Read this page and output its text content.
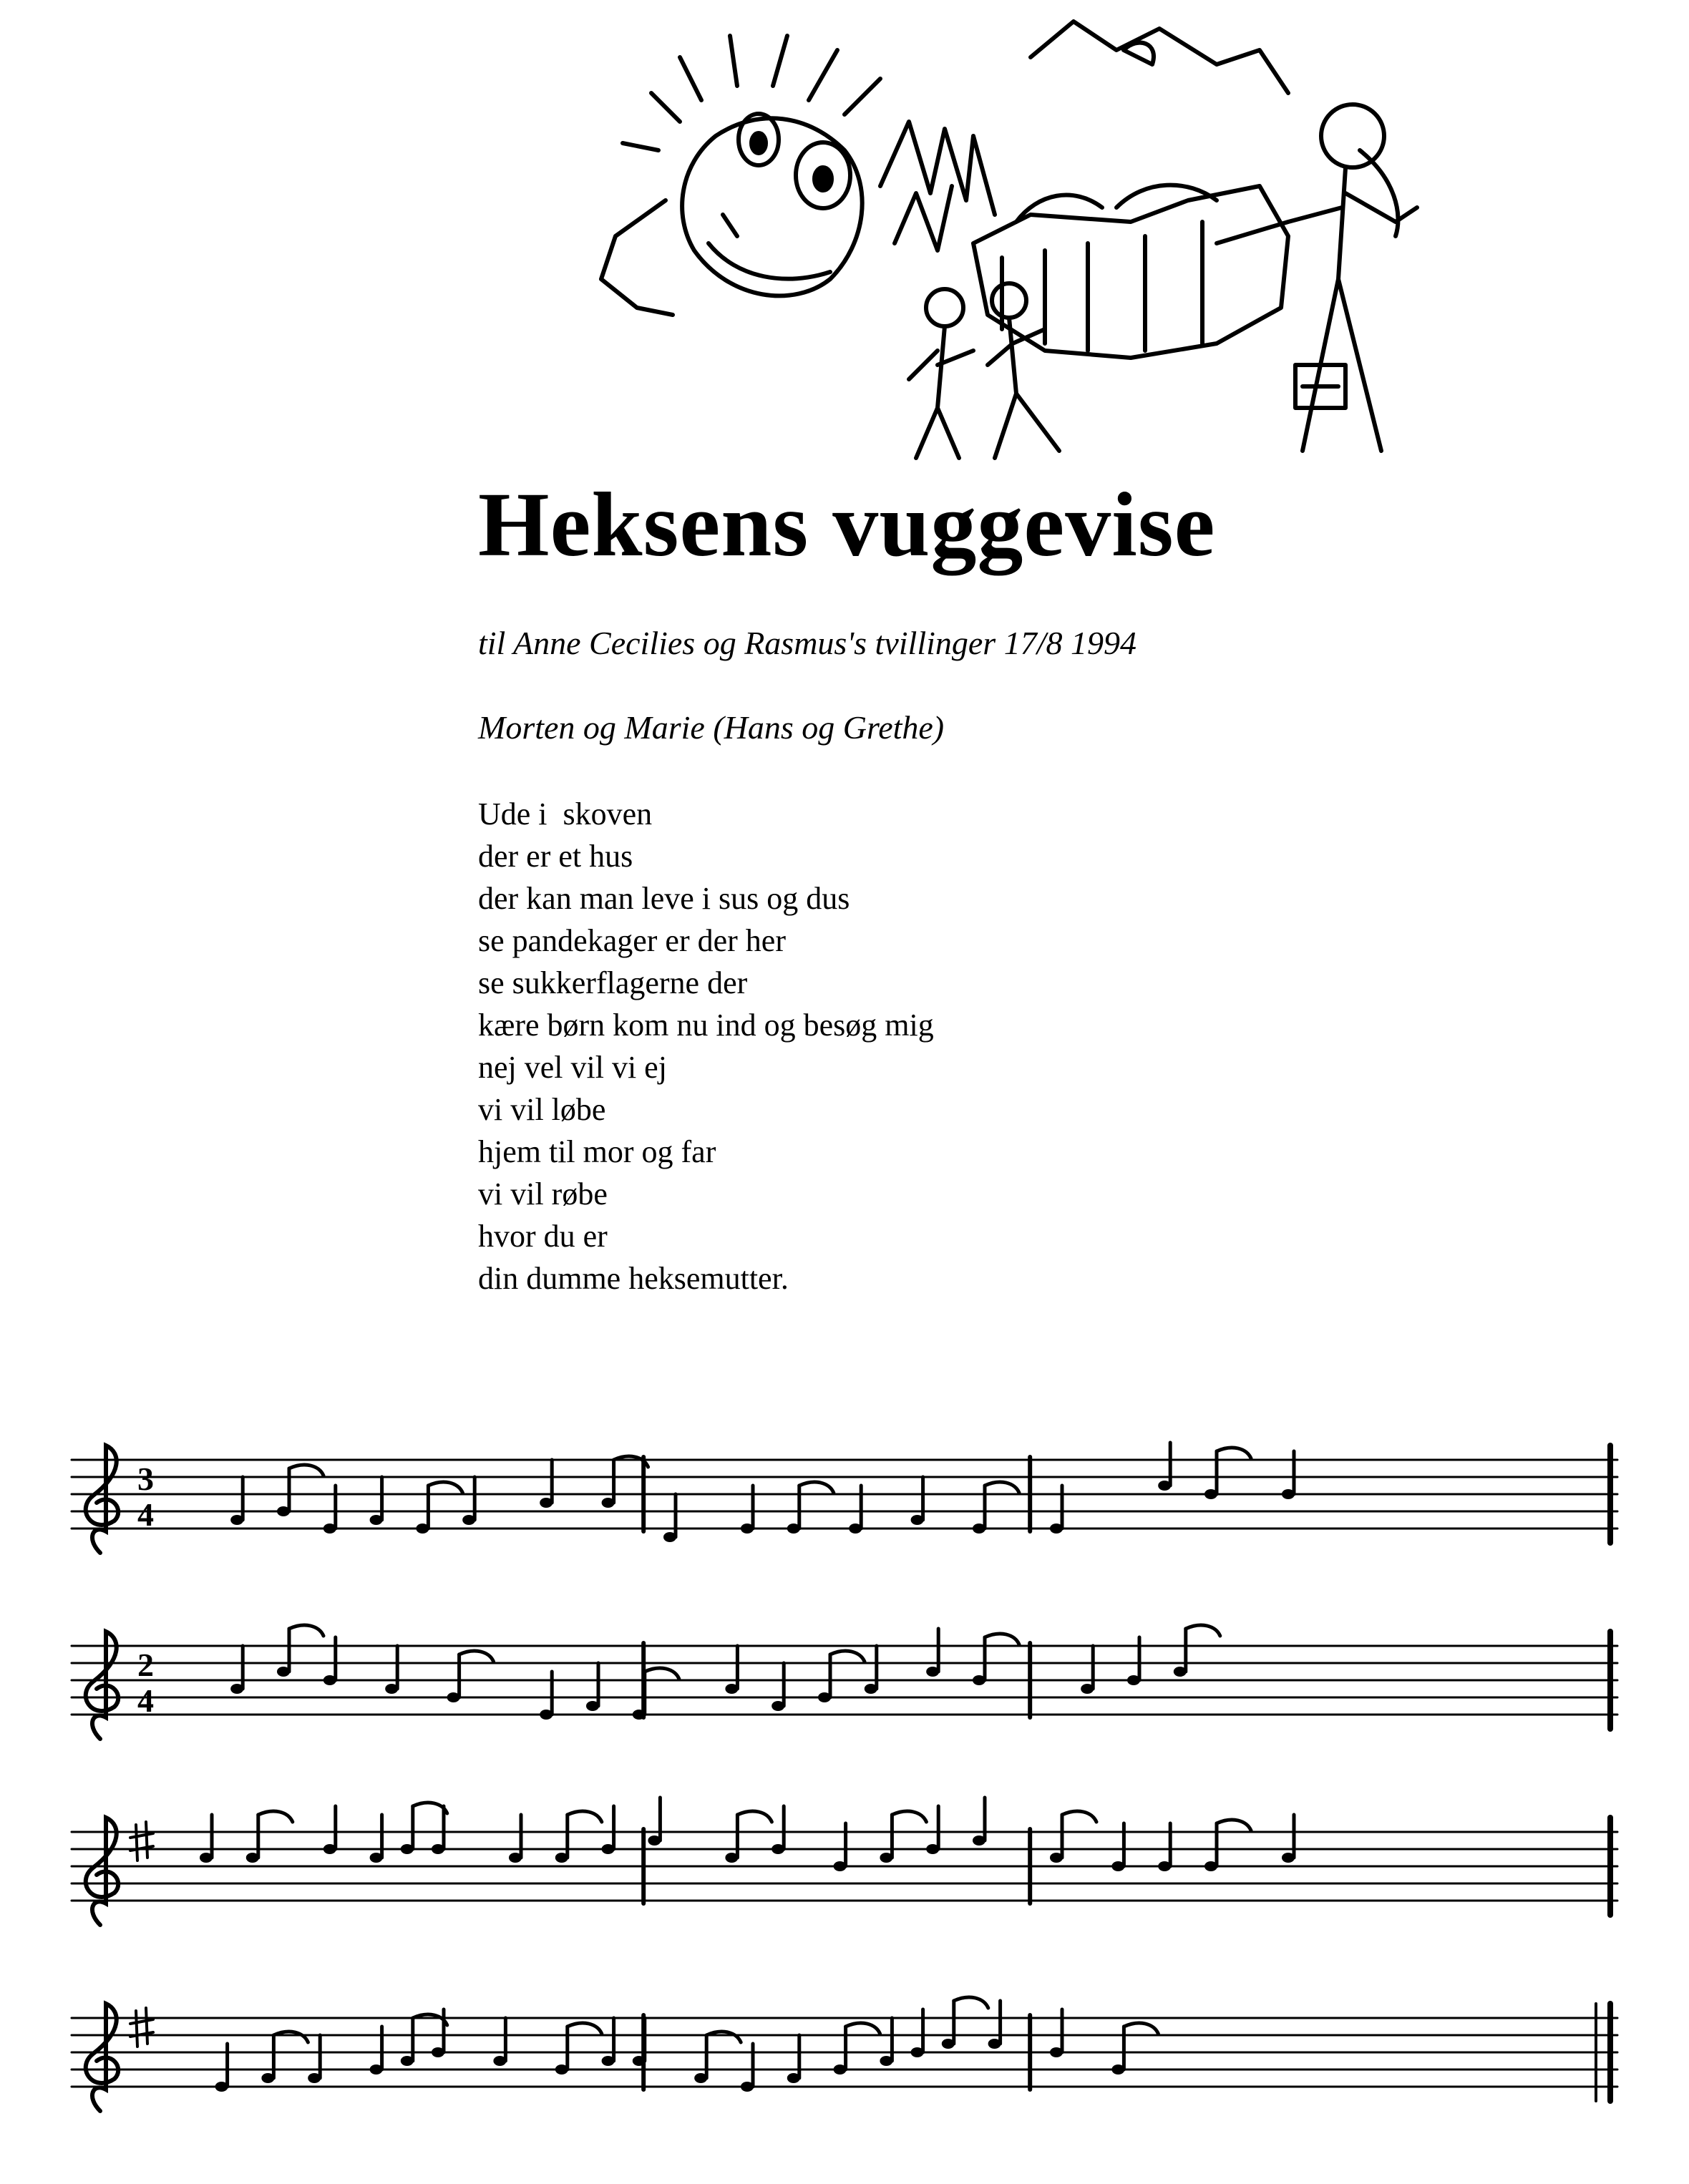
Heksens vuggevise
til Anne Cecilies og Rasmus's tvillinger 17/8 1994
Morten og Marie (Hans og Grethe)
Ude i  skoven
der er et hus
der kan man leve i sus og dus
se pandekager er der her
se sukkerflagerne der
kære børn kom nu ind og besøg mig
nej vel vil vi ej
vi vil løbe
hjem til mor og far
vi vil røbe
hvor du er
din dumme heksemutter.
3
4
2
4
